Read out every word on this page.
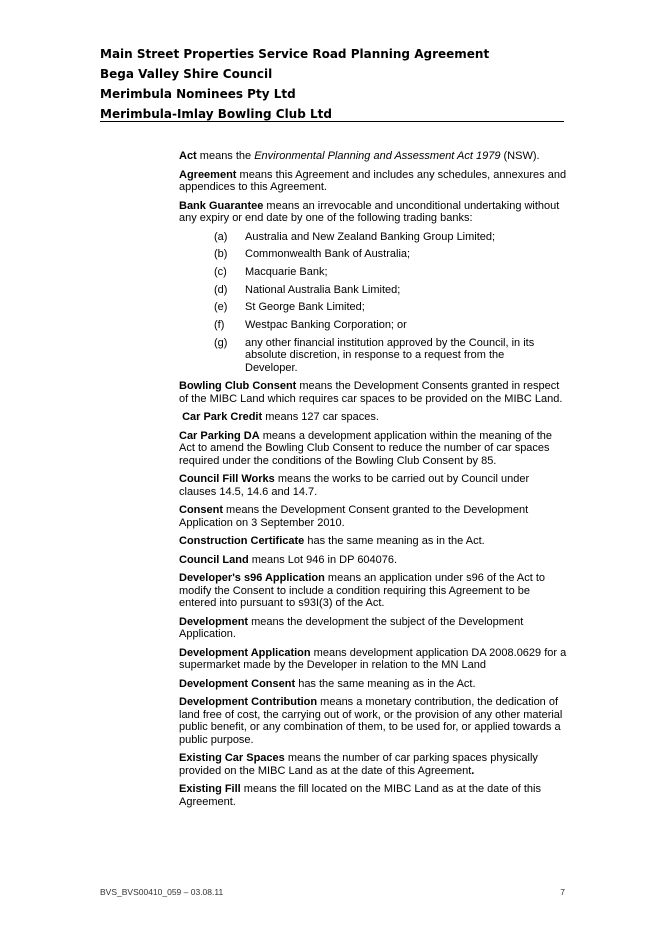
Main Street Properties Service Road Planning Agreement
Bega Valley Shire Council
Merimbula Nominees Pty Ltd
Merimbula-Imlay Bowling Club Ltd

Act means the Environmental Planning and Assessment Act 1979 (NSW).

Agreement means this Agreement and includes any schedules, annexures and appendices to this Agreement.

Bank Guarantee means an irrevocable and unconditional undertaking without any expiry or end date by one of the following trading banks:

(a)	Australia and New Zealand Banking Group Limited;
(b)	Commonwealth Bank of Australia;
(c)	Macquarie Bank;
(d)	National Australia Bank Limited;
(e)	St George Bank Limited;
(f)	Westpac Banking Corporation; or
(g)	any other financial institution approved by the Council, in its absolute discretion, in response to a request from the Developer.

Bowling Club Consent means the Development Consents granted in respect of the MIBC Land which requires car spaces to be provided on the MIBC Land.

Car Park Credit means 127 car spaces.

Car Parking DA means a development application within the meaning of the Act to amend the Bowling Club Consent to reduce the number of car spaces required under the conditions of the Bowling Club Consent by 85.

Council Fill Works means the works to be carried out by Council under clauses 14.5, 14.6 and 14.7.

Consent means the Development Consent granted to the Development Application on 3 September 2010.

Construction Certificate has the same meaning as in the Act.

Council Land means Lot 946 in DP 604076.

Developer's s96 Application means an application under s96 of the Act to modify the Consent to include a condition requiring this Agreement to be entered into pursuant to s93I(3) of the Act.

Development means the development the subject of the Development Application.

Development Application means development application DA 2008.0629 for a supermarket made by the Developer in relation to the MN Land

Development Consent has the same meaning as in the Act.

Development Contribution means a monetary contribution, the dedication of land free of cost, the carrying out of work, or the provision of any other material public benefit, or any combination of them, to be used for, or applied towards a public purpose.

Existing Car Spaces means the number of car parking spaces physically provided on the MIBC Land as at the date of this Agreement.

Existing Fill means the fill located on the MIBC Land as at the date of this Agreement.

BVS_BVS00410_059 – 03.08.11	7
